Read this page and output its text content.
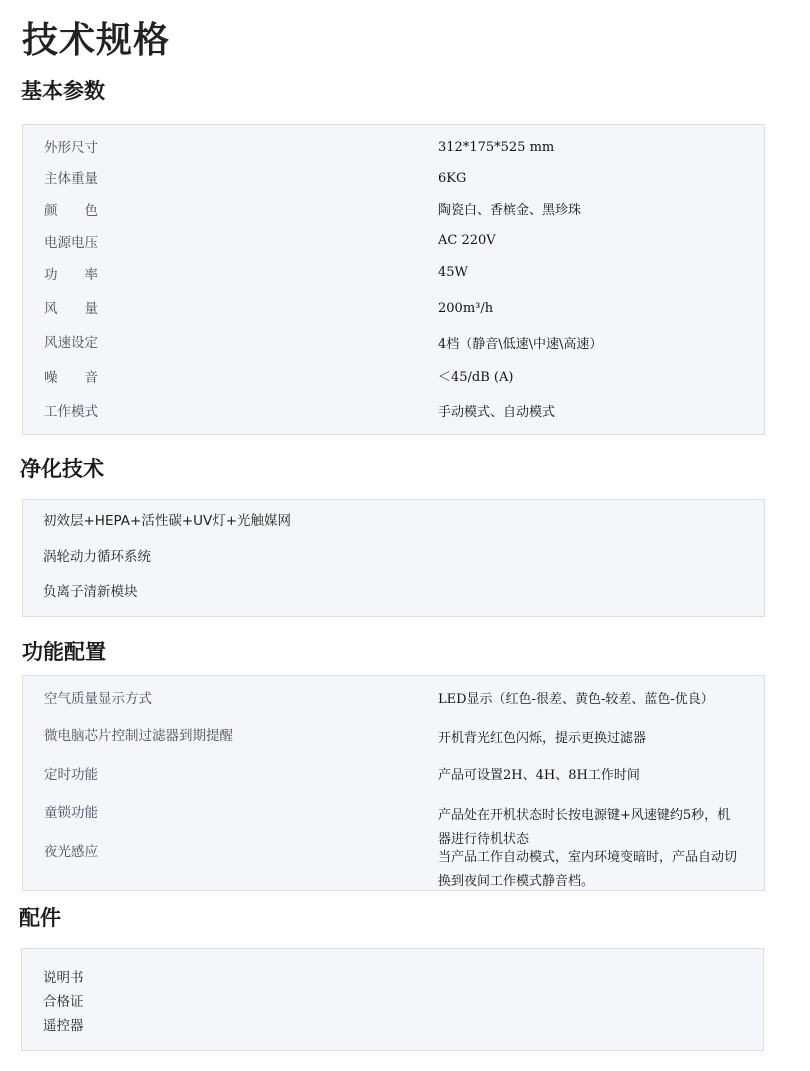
技术规格
基本参数
外形尺寸	312*175*525 mm
主体重量	6KG
颜　　色	陶瓷白、香槟金、黑珍珠
电源电压	AC 220V
功　　率	45W
风　　量	200m³/h
风速设定	4档（静音\低速\中速\高速）
噪　　音	＜45/dB (A)
工作模式	手动模式、自动模式
净化技术
初效层+HEPA+活性碳+UV灯+光触媒网
涡轮动力循环系统
负离子清新模块
功能配置
空气质量显示方式	LED显示（红色-很差、黄色-较差、蓝色-优良）
微电脑芯片控制过滤器到期提醒	开机背光红色闪烁，提示更换过滤器
定时功能	产品可设置2H、4H、8H工作时间
童锁功能	产品处在开机状态时长按电源键+风速键约5秒，机器进行待机状态
夜光感应	当产品工作自动模式，室内环境变暗时，产品自动切换到夜间工作模式静音档。
配件
说明书
合格证
遥控器
